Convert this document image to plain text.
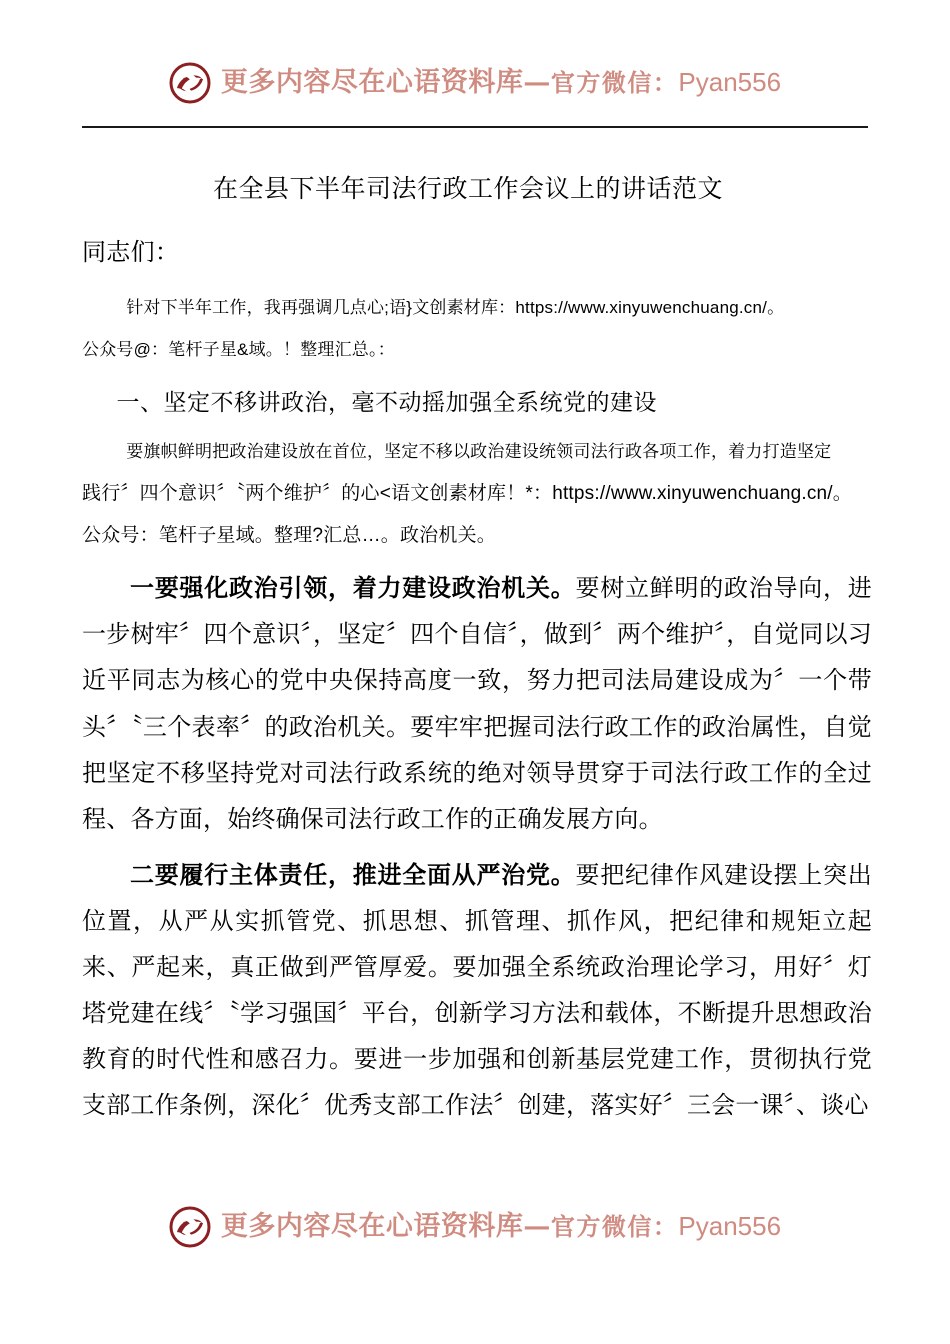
更多内容尽在心语资料库—官方微信：Pyan556
在全县下半年司法行政工作会议上的讲话范文

同志们：

针对下半年工作，我再强调几点心;语}文创素材库：https://www.xinyuwenchuang.cn/。

公众号@：笔杆子星&域。！整理汇总。：

一、坚定不移讲政治，毫不动摇加强全系统党的建设

要旗帜鲜明把政治建设放在首位，坚定不移以政治建设统领司法行政各项工作，着力打造坚定

践行〞四个意识〞〝两个维护〞的心<语文创素材库！*：https://www.xinyuwenchuang.cn/。

公众号：笔杆子星域。整理?汇总…。政治机关。

一要强化政治引领，着力建设政治机关。要树立鲜明的政治导向，进一步树牢〞四个意识〞，坚定〞四个自信〞，做到〞两个维护〞，自觉同以习近平同志为核心的党中央保持高度一致，努力把司法局建设成为〞一个带头〞〝三个表率〞的政治机关。要牢牢把握司法行政工作的政治属性，自觉把坚定不移坚持党对司法行政系统的绝对领导贯穿于司法行政工作的全过程、各方面，始终确保司法行政工作的正确发展方向。

二要履行主体责任，推进全面从严治党。要把纪律作风建设摆上突出位置，从严从实抓管党、抓思想、抓管理、抓作风，把纪律和规矩立起来、严起来，真正做到严管厚爱。要加强全系统政治理论学习，用好〞灯塔党建在线〞〝学习强国〞平台，创新学习方法和载体，不断提升思想政治教育的时代性和感召力。要进一步加强和创新基层党建工作，贯彻执行党支部工作条例，深化〞优秀支部工作法〞创建，落实好〞三会一课〞、谈心

更多内容尽在心语资料库—官方微信：Pyan556
